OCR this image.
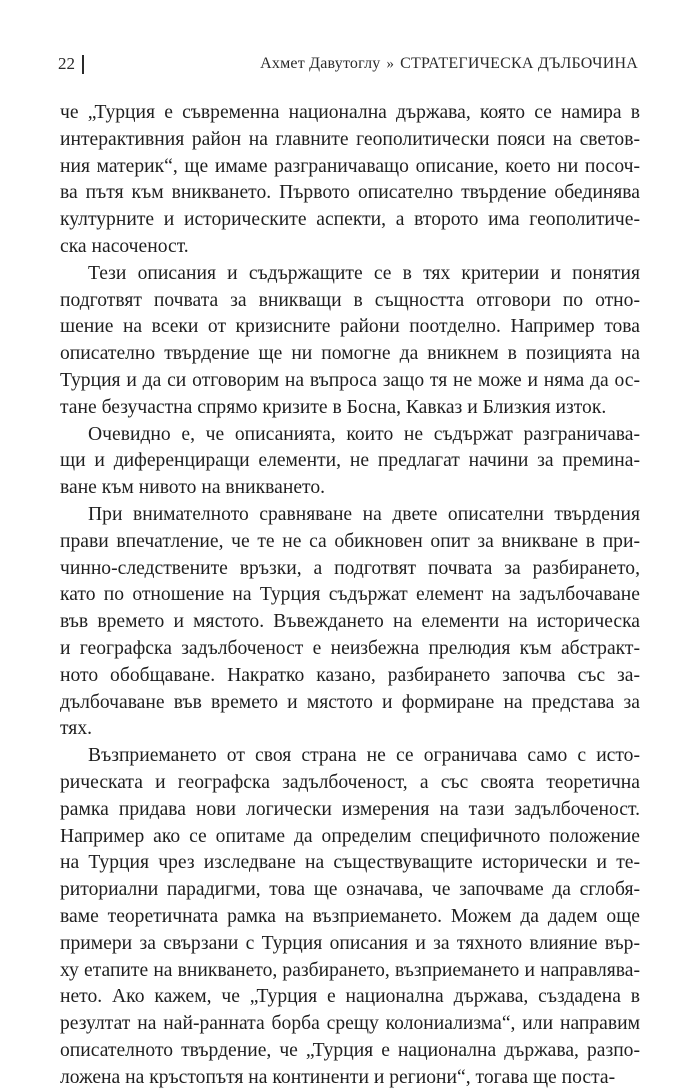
22	Ахмет Давутоглу » СТРАТЕГИЧЕСКА ДЪЛБОЧИНА
че „Турция е съвременна национална държава, която се намира в
интерактивния район на главните геополитически пояси на светов-
ния материк“, ще имаме разграничаващо описание, което ни посоч-
ва пътя към вникването. Първото описателно твърдение обединява
културните и историческите аспекти, а второто има геополитиче-
ска насоченост.
Тези описания и съдържащите се в тях критерии и понятия
подготвят почвата за вникващи в същността отговори по отно-
шение на всеки от кризисните райони поотделно. Например това
описателно твърдение ще ни помогне да вникнем в позицията на
Турция и да си отговорим на въпроса защо тя не може и няма да ос-
тане безучастна спрямо кризите в Босна, Кавказ и Близкия изток.
Очевидно е, че описанията, които не съдържат разграничава-
щи и диференциращи елементи, не предлагат начини за премина-
ване към нивото на вникването.
При внимателното сравняване на двете описателни твърдения
прави впечатление, че те не са обикновен опит за вникване в при-
чинно-следствените връзки, а подготвят почвата за разбирането,
като по отношение на Турция съдържат елемент на задълбочаване
във времето и мястото. Въвеждането на елементи на историческа
и географска задълбоченост е неизбежна прелюдия към абстракт-
ното обобщаване. Накратко казано, разбирането започва със за-
дълбочаване във времето и мястото и формиране на представа за
тях.
Възприемането от своя страна не се ограничава само с исто-
рическата и географска задълбоченост, а със своята теоретична
рамка придава нови логически измерения на тази задълбоченост.
Например ако се опитаме да определим специфичното положение
на Турция чрез изследване на съществуващите исторически и те-
риториални парадигми, това ще означава, че започваме да сглобя-
ваме теоретичната рамка на възприемането. Можем да дадем още
примери за свързани с Турция описания и за тяхното влияние вър-
ху етапите на вникването, разбирането, възприемането и направлява-
нето. Ако кажем, че „Турция е национална държава, създадена в
резултат на най-ранната борба срещу колониализма“, или направим
описателното твърдение, че „Турция е национална държава, разпо-
ложена на кръстопътя на континенти и региони“, тогава ще поста-
